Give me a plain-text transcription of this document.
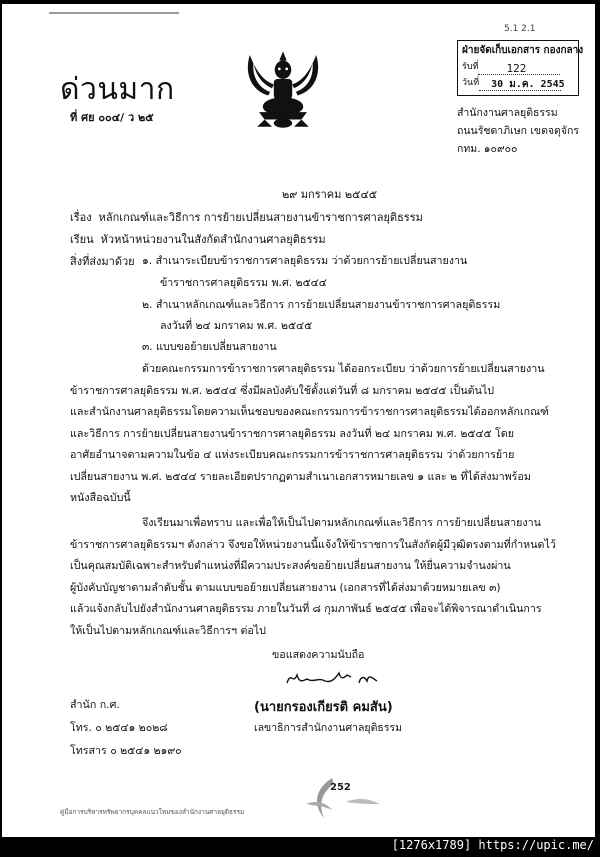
ด่วนมาก
ที่ ศย ๐๐๔/ ว ๒๕
5.1 2.1
ฝ่ายจัดเก็บเอกสาร กองกลาง
รับที่	122
วันที่ 30 ม.ค. 2545
สำนักงานศาลยุติธรรม
ถนนรัชดาภิเษก เขตจตุจักร
กทม. ๑๐๙๐๐
๒๙ มกราคม ๒๕๔๕
เรื่อง หลักเกณฑ์และวิธีการ การย้ายเปลี่ยนสายงานข้าราชการศาลยุติธรรม
เรียน หัวหน้าหน่วยงานในสังกัดสำนักงานศาลยุติธรรม
สิ่งที่ส่งมาด้วย ๑. สำเนาระเบียบข้าราชการศาลยุติธรรม ว่าด้วยการย้ายเปลี่ยนสายงาน
ข้าราชการศาลยุติธรรม พ.ศ. ๒๕๔๔
๒. สำเนาหลักเกณฑ์และวิธีการ การย้ายเปลี่ยนสายงานข้าราชการศาลยุติธรรม
ลงวันที่ ๒๔ มกราคม พ.ศ. ๒๕๔๕
๓. แบบขอย้ายเปลี่ยนสายงาน
ด้วยคณะกรรมการข้าราชการศาลยุติธรรม ได้ออกระเบียบ ว่าด้วยการย้ายเปลี่ยนสายงาน
ข้าราชการศาลยุติธรรม พ.ศ. ๒๕๔๔ ซึ่งมีผลบังคับใช้ตั้งแต่วันที่ ๘ มกราคม ๒๕๔๕ เป็นต้นไป
และสำนักงานศาลยุติธรรมโดยความเห็นชอบของคณะกรรมการข้าราชการศาลยุติธรรมได้ออกหลักเกณฑ์
และวิธีการ การย้ายเปลี่ยนสายงานข้าราชการศาลยุติธรรม ลงวันที่ ๒๔ มกราคม พ.ศ. ๒๕๔๕ โดย
อาศัยอำนาจตามความในข้อ ๔ แห่งระเบียบคณะกรรมการข้าราชการศาลยุติธรรม ว่าด้วยการย้าย
เปลี่ยนสายงาน พ.ศ. ๒๕๔๔ รายละเอียดปรากฏตามสำเนาเอกสารหมายเลข ๑ และ ๒ ที่ได้ส่งมาพร้อม
หนังสือฉบับนี้
จึงเรียนมาเพื่อทราบ และเพื่อให้เป็นไปตามหลักเกณฑ์และวิธีการ การย้ายเปลี่ยนสายงาน
ข้าราชการศาลยุติธรรมฯ ดังกล่าว จึงขอให้หน่วยงานนี้แจ้งให้ข้าราชการในสังกัดผู้มีวุฒิตรงตามที่กำหนดไว้
เป็นคุณสมบัติเฉพาะสำหรับตำแหน่งที่มีความประสงค์ขอย้ายเปลี่ยนสายงาน ให้ยื่นความจำนงผ่าน
ผู้บังคับบัญชาตามลำดับชั้น ตามแบบขอย้ายเปลี่ยนสายงาน (เอกสารที่ได้ส่งมาด้วยหมายเลข ๓)
แล้วแจ้งกลับไปยังสำนักงานศาลยุติธรรม ภายในวันที่ ๘ กุมภาพันธ์ ๒๕๔๕ เพื่อจะได้พิจารณาดำเนินการ
ให้เป็นไปตามหลักเกณฑ์และวิธีการฯ ต่อไป
ขอแสดงความนับถือ
(นายกรองเกียรติ คมสัน)
เลขาธิการสำนักงานศาลยุติธรรม
สำนัก ก.ศ.
โทร. ๐ ๒๕๔๑ ๒๐๒๘
โทรสาร ๐ ๒๕๔๑ ๒๑๙๐
คู่มือการบริหารทรัพยากรบุคคลแนวใหม่ของสำนักงานศาลยุติธรรม
252
[1276x1789] https://upic.me/
